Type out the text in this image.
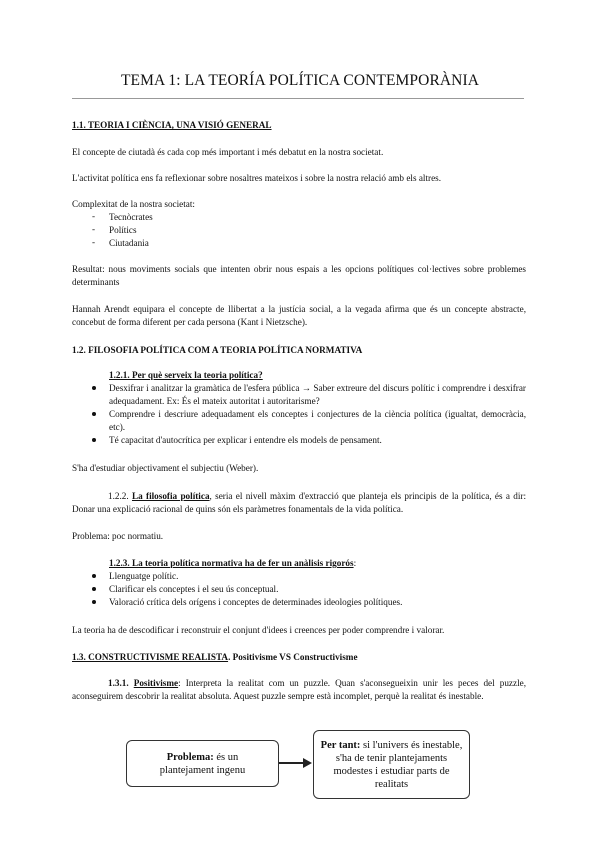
TEMA 1: LA TEORÍA POLÍTICA CONTEMPORÀNIA
1.1. TEORIA I CIÈNCIA, UNA VISIÓ GENERAL
El concepte de ciutadà és cada cop més important i més debatut en la nostra societat.
L'activitat política ens fa reflexionar sobre nosaltres mateixos i sobre la nostra relació amb els altres.
Complexitat de la nostra societat:
- Tecnòcrates
- Polítics
- Ciutadania
Resultat: nous moviments socials que intenten obrir nous espais a les opcions polítiques col·lectives sobre problemes determinants
Hannah Arendt equipara el concepte de llibertat a la justícia social, a la vegada afirma que és un concepte abstracte, concebut de forma diferent per cada persona (Kant i Nietzsche).
1.2. FILOSOFIA POLÍTICA COM A TEORIA POLÍTICA NORMATIVA
1.2.1. Per què serveix la teoria política?
Desxifrar i analitzar la gramàtica de l'esfera pública → Saber extreure del discurs polític i comprendre i desxifrar adequadament. Ex: És el mateix autoritat i autoritarisme?
Comprendre i descriure adequadament els conceptes i conjectures de la ciència política (igualtat, democràcia, etc).
Té capacitat d'autocrítica per explicar i entendre els models de pensament.
S'ha d'estudiar objectivament el subjectiu (Weber).
1.2.2. La filosofia política, seria el nivell màxim d'extracció que planteja els principis de la política, és a dir: Donar una explicació racional de quins són els paràmetres fonamentals de la vida política.
Problema: poc normatiu.
1.2.3. La teoria política normativa ha de fer un anàlisis rigorós:
Llenguatge polític.
Clarificar els conceptes i el seu ús conceptual.
Valoració crítica dels orígens i conceptes de determinades ideologies polítiques.
La teoria ha de descodificar i reconstruir el conjunt d'idees i creences per poder comprendre i valorar.
1.3. CONSTRUCTIVISME REALISTA. Positivisme VS Constructivisme
1.3.1. Positivisme: Interpreta la realitat com un puzzle. Quan s'aconsegueixin unir les peces del puzzle, aconseguirem descobrir la realitat absoluta. Aquest puzzle sempre està incomplet, perquè la realitat és inestable.
Problema: és un plantejament ingenu
Per tant: si l'univers és inestable, s'ha de tenir plantejaments modestes i estudiar parts de realitats
